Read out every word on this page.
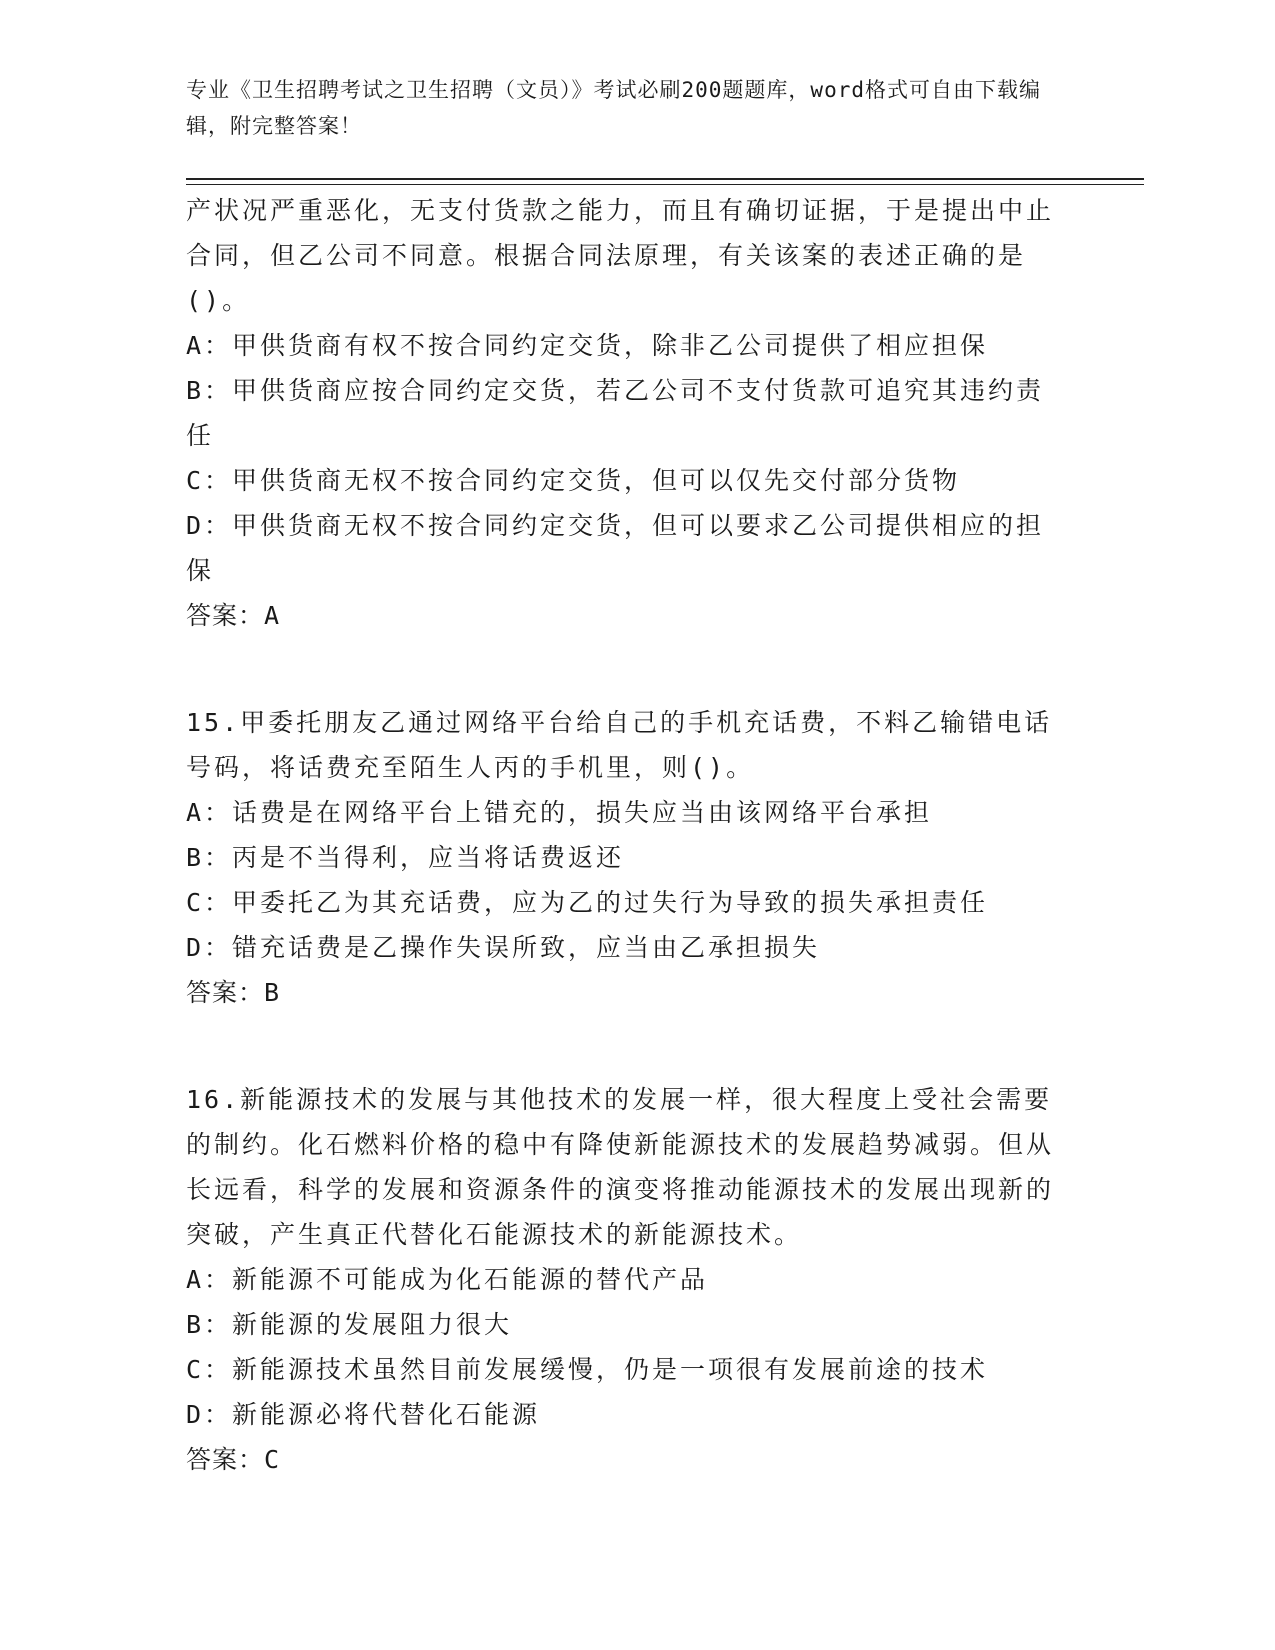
专业《卫生招聘考试之卫生招聘（文员）》考试必刷200题题库，word格式可自由下载编辑，附完整答案！

产状况严重恶化，无支付货款之能力，而且有确切证据，于是提出中止合同，但乙公司不同意。根据合同法原理，有关该案的表述正确的是()。

A：甲供货商有权不按合同约定交货，除非乙公司提供了相应担保

B：甲供货商应按合同约定交货，若乙公司不支付货款可追究其违约责任

C：甲供货商无权不按合同约定交货，但可以仅先交付部分货物

D：甲供货商无权不按合同约定交货，但可以要求乙公司提供相应的担保

答案：A

15.甲委托朋友乙通过网络平台给自己的手机充话费，不料乙输错电话号码，将话费充至陌生人丙的手机里，则()。

A：话费是在网络平台上错充的，损失应当由该网络平台承担

B：丙是不当得利，应当将话费返还

C：甲委托乙为其充话费，应为乙的过失行为导致的损失承担责任

D：错充话费是乙操作失误所致，应当由乙承担损失

答案：B

16.新能源技术的发展与其他技术的发展一样，很大程度上受社会需要的制约。化石燃料价格的稳中有降使新能源技术的发展趋势减弱。但从长远看，科学的发展和资源条件的演变将推动能源技术的发展出现新的突破，产生真正代替化石能源技术的新能源技术。

A：新能源不可能成为化石能源的替代产品

B：新能源的发展阻力很大

C：新能源技术虽然目前发展缓慢，仍是一项很有发展前途的技术

D：新能源必将代替化石能源

答案：C
